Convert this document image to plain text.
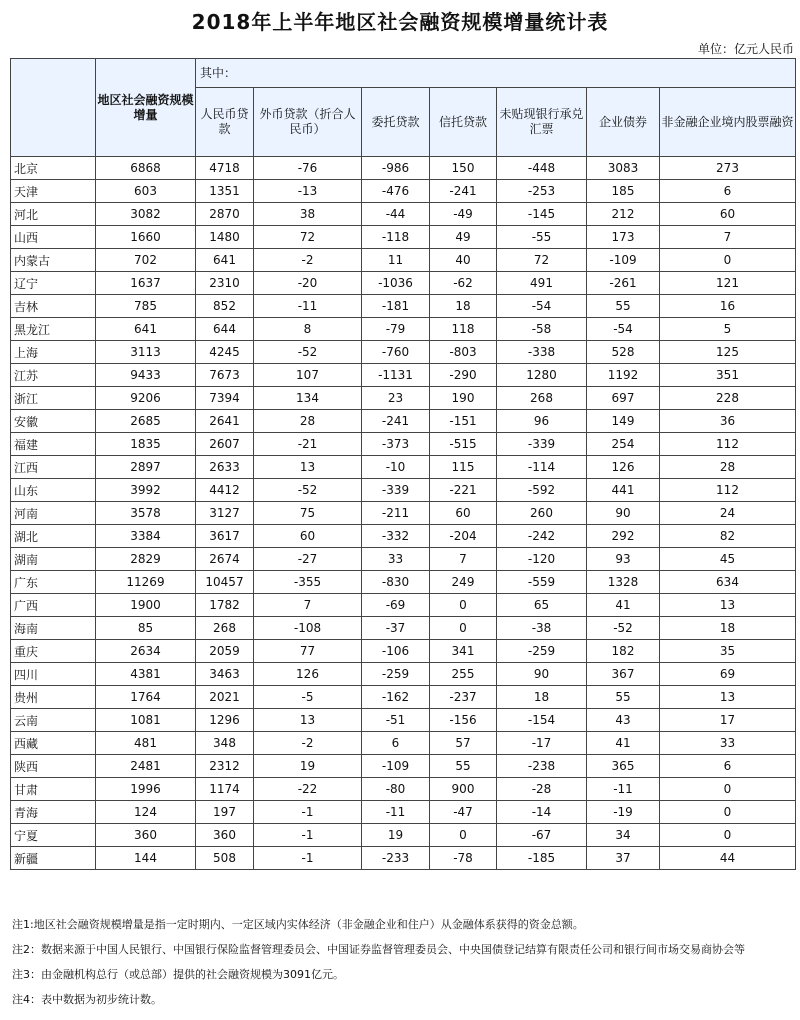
2018年上半年地区社会融资规模增量统计表
单位：亿元人民币
	地区社会融资规模增量	其中：						
		人民币贷款	外币贷款（折合人民币）	委托贷款	信托贷款	未贴现银行承兑汇票	企业债券	非金融企业境内股票融资
北京	6868	4718	-76	-986	150	-448	3083	273
天津	603	1351	-13	-476	-241	-253	185	6
河北	3082	2870	38	-44	-49	-145	212	60
山西	1660	1480	72	-118	49	-55	173	7
内蒙古	702	641	-2	11	40	72	-109	0
辽宁	1637	2310	-20	-1036	-62	491	-261	121
吉林	785	852	-11	-181	18	-54	55	16
黑龙江	641	644	8	-79	118	-58	-54	5
上海	3113	4245	-52	-760	-803	-338	528	125
江苏	9433	7673	107	-1131	-290	1280	1192	351
浙江	9206	7394	134	23	190	268	697	228
安徽	2685	2641	28	-241	-151	96	149	36
福建	1835	2607	-21	-373	-515	-339	254	112
江西	2897	2633	13	-10	115	-114	126	28
山东	3992	4412	-52	-339	-221	-592	441	112
河南	3578	3127	75	-211	60	260	90	24
湖北	3384	3617	60	-332	-204	-242	292	82
湖南	2829	2674	-27	33	7	-120	93	45
广东	11269	10457	-355	-830	249	-559	1328	634
广西	1900	1782	7	-69	0	65	41	13
海南	85	268	-108	-37	0	-38	-52	18
重庆	2634	2059	77	-106	341	-259	182	35
四川	4381	3463	126	-259	255	90	367	69
贵州	1764	2021	-5	-162	-237	18	55	13
云南	1081	1296	13	-51	-156	-154	43	17
西藏	481	348	-2	6	57	-17	41	33
陕西	2481	2312	19	-109	55	-238	365	6
甘肃	1996	1174	-22	-80	900	-28	-11	0
青海	124	197	-1	-11	-47	-14	-19	0
宁夏	360	360	-1	19	0	-67	34	0
新疆	144	508	-1	-233	-78	-185	37	44
注1:地区社会融资规模增量是指一定时期内、一定区域内实体经济（非金融企业和住户）从金融体系获得的资金总额。
注2：数据来源于中国人民银行、中国银行保险监督管理委员会、中国证券监督管理委员会、中央国债登记结算有限责任公司和银行间市场交易商协会等
注3：由金融机构总行（或总部）提供的社会融资规模为3091亿元。
注4：表中数据为初步统计数。
